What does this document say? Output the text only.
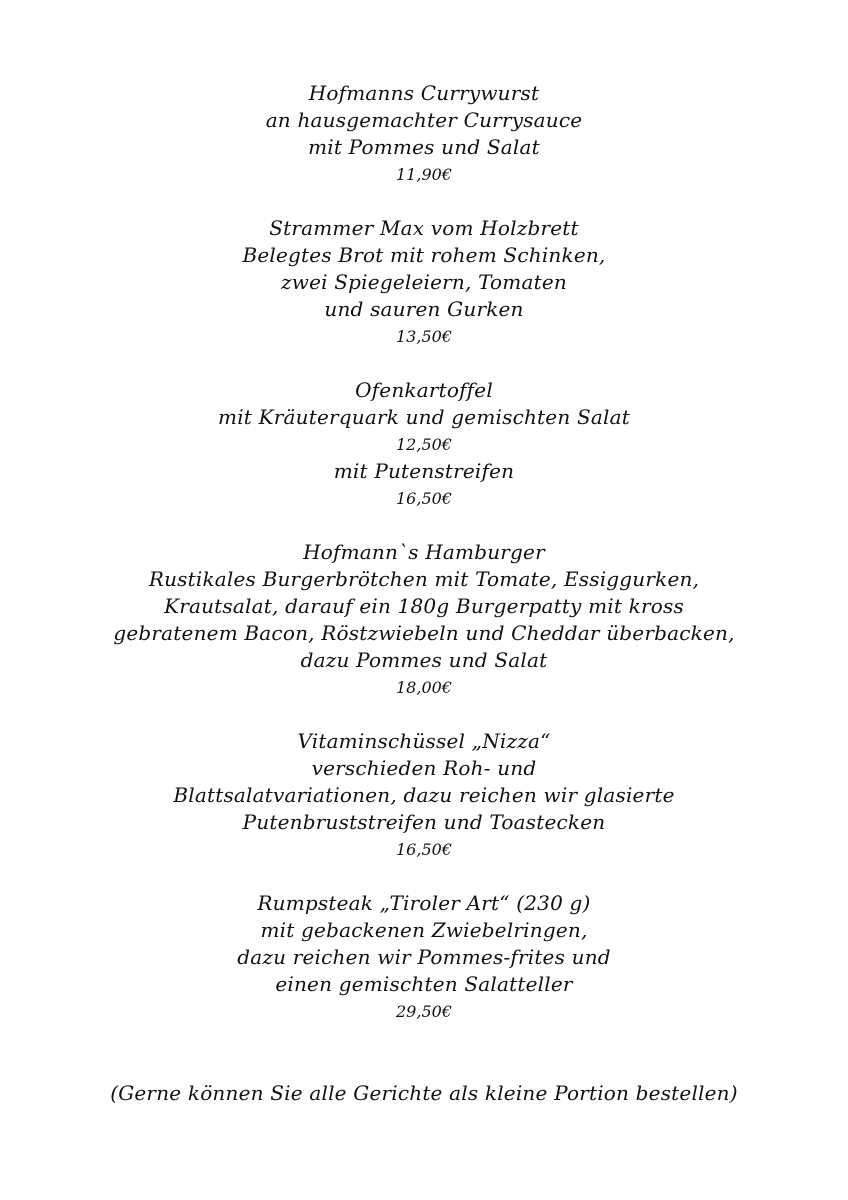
Hofmanns Currywurst
an hausgemachter Currysauce
mit Pommes und Salat
11,90€
Strammer Max vom Holzbrett
Belegtes Brot mit rohem Schinken,
zwei Spiegeleiern, Tomaten
und sauren Gurken
13,50€
Ofenkartoffel
mit Kräuterquark und gemischten Salat
12,50€
mit Putenstreifen
16,50€
Hofmann`s Hamburger
Rustikales Burgerbrötchen mit Tomate, Essiggurken,
Krautsalat, darauf ein 180g Burgerpatty mit kross
gebratenem Bacon, Röstzwiebeln und Cheddar überbacken,
dazu Pommes und Salat
18,00€
Vitaminschüssel „Nizza“
verschieden Roh- und
Blattsalatvariationen, dazu reichen wir glasierte
Putenbruststreifen und Toastecken
16,50€
Rumpsteak „Tiroler Art“ (230 g)
mit gebackenen Zwiebelringen,
dazu reichen wir Pommes-frites und
einen gemischten Salatteller
29,50€
(Gerne können Sie alle Gerichte als kleine Portion bestellen)
